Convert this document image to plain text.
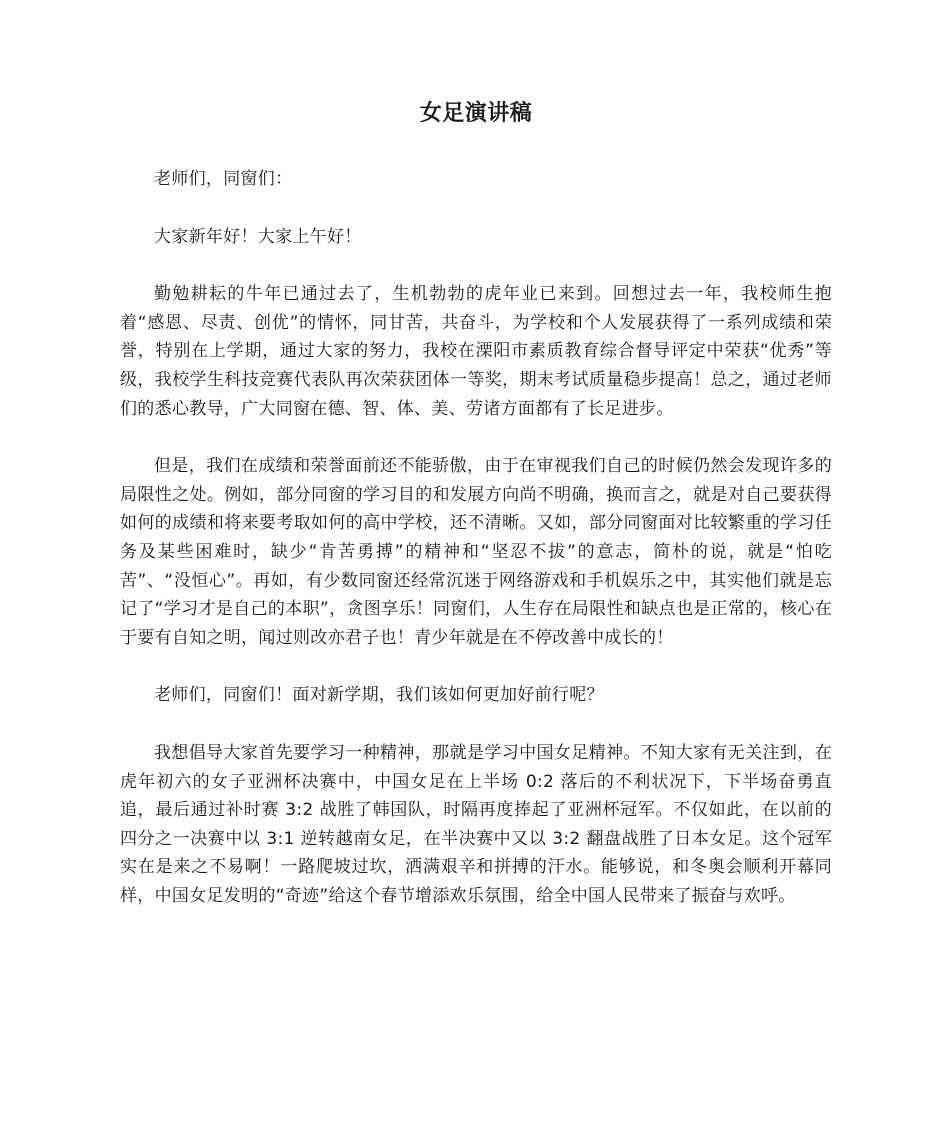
女足演讲稿

老师们，同窗们：

大家新年好！大家上午好！

勤勉耕耘的牛年已通过去了，生机勃勃的虎年业已来到。回想过去一年，我校师生抱着“感恩、尽责、创优”的情怀，同甘苦，共奋斗，为学校和个人发展获得了一系列成绩和荣誉，特别在上学期，通过大家的努力，我校在溧阳市素质教育综合督导评定中荣获“优秀”等级，我校学生科技竞赛代表队再次荣获团体一等奖，期末考试质量稳步提高！总之，通过老师们的悉心教导，广大同窗在德、智、体、美、劳诸方面都有了长足进步。

但是，我们在成绩和荣誉面前还不能骄傲，由于在审视我们自己的时候仍然会发现许多的局限性之处。例如，部分同窗的学习目的和发展方向尚不明确，换而言之，就是对自己要获得如何的成绩和将来要考取如何的高中学校，还不清晰。又如，部分同窗面对比较繁重的学习任务及某些困难时，缺少“肯苦勇搏”的精神和“坚忍不拔”的意志，简朴的说，就是“怕吃苦”、“没恒心”。再如，有少数同窗还经常沉迷于网络游戏和手机娱乐之中，其实他们就是忘记了“学习才是自己的本职”，贪图享乐！同窗们，人生存在局限性和缺点也是正常的，核心在于要有自知之明，闻过则改亦君子也！青少年就是在不停改善中成长的！

老师们，同窗们！面对新学期，我们该如何更加好前行呢？

我想倡导大家首先要学习一种精神，那就是学习中国女足精神。不知大家有无关注到，在虎年初六的女子亚洲杯决赛中，中国女足在上半场 0:2 落后的不利状况下，下半场奋勇直追，最后通过补时赛 3:2 战胜了韩国队，时隔再度捧起了亚洲杯冠军。不仅如此，在以前的四分之一决赛中以 3:1 逆转越南女足，在半决赛中又以 3:2 翻盘战胜了日本女足。这个冠军实在是来之不易啊！一路爬坡过坎，洒满艰辛和拼搏的汗水。能够说，和冬奥会顺利开幕同样，中国女足发明的“奇迹”给这个春节增添欢乐氛围，给全中国人民带来了振奋与欢呼。
